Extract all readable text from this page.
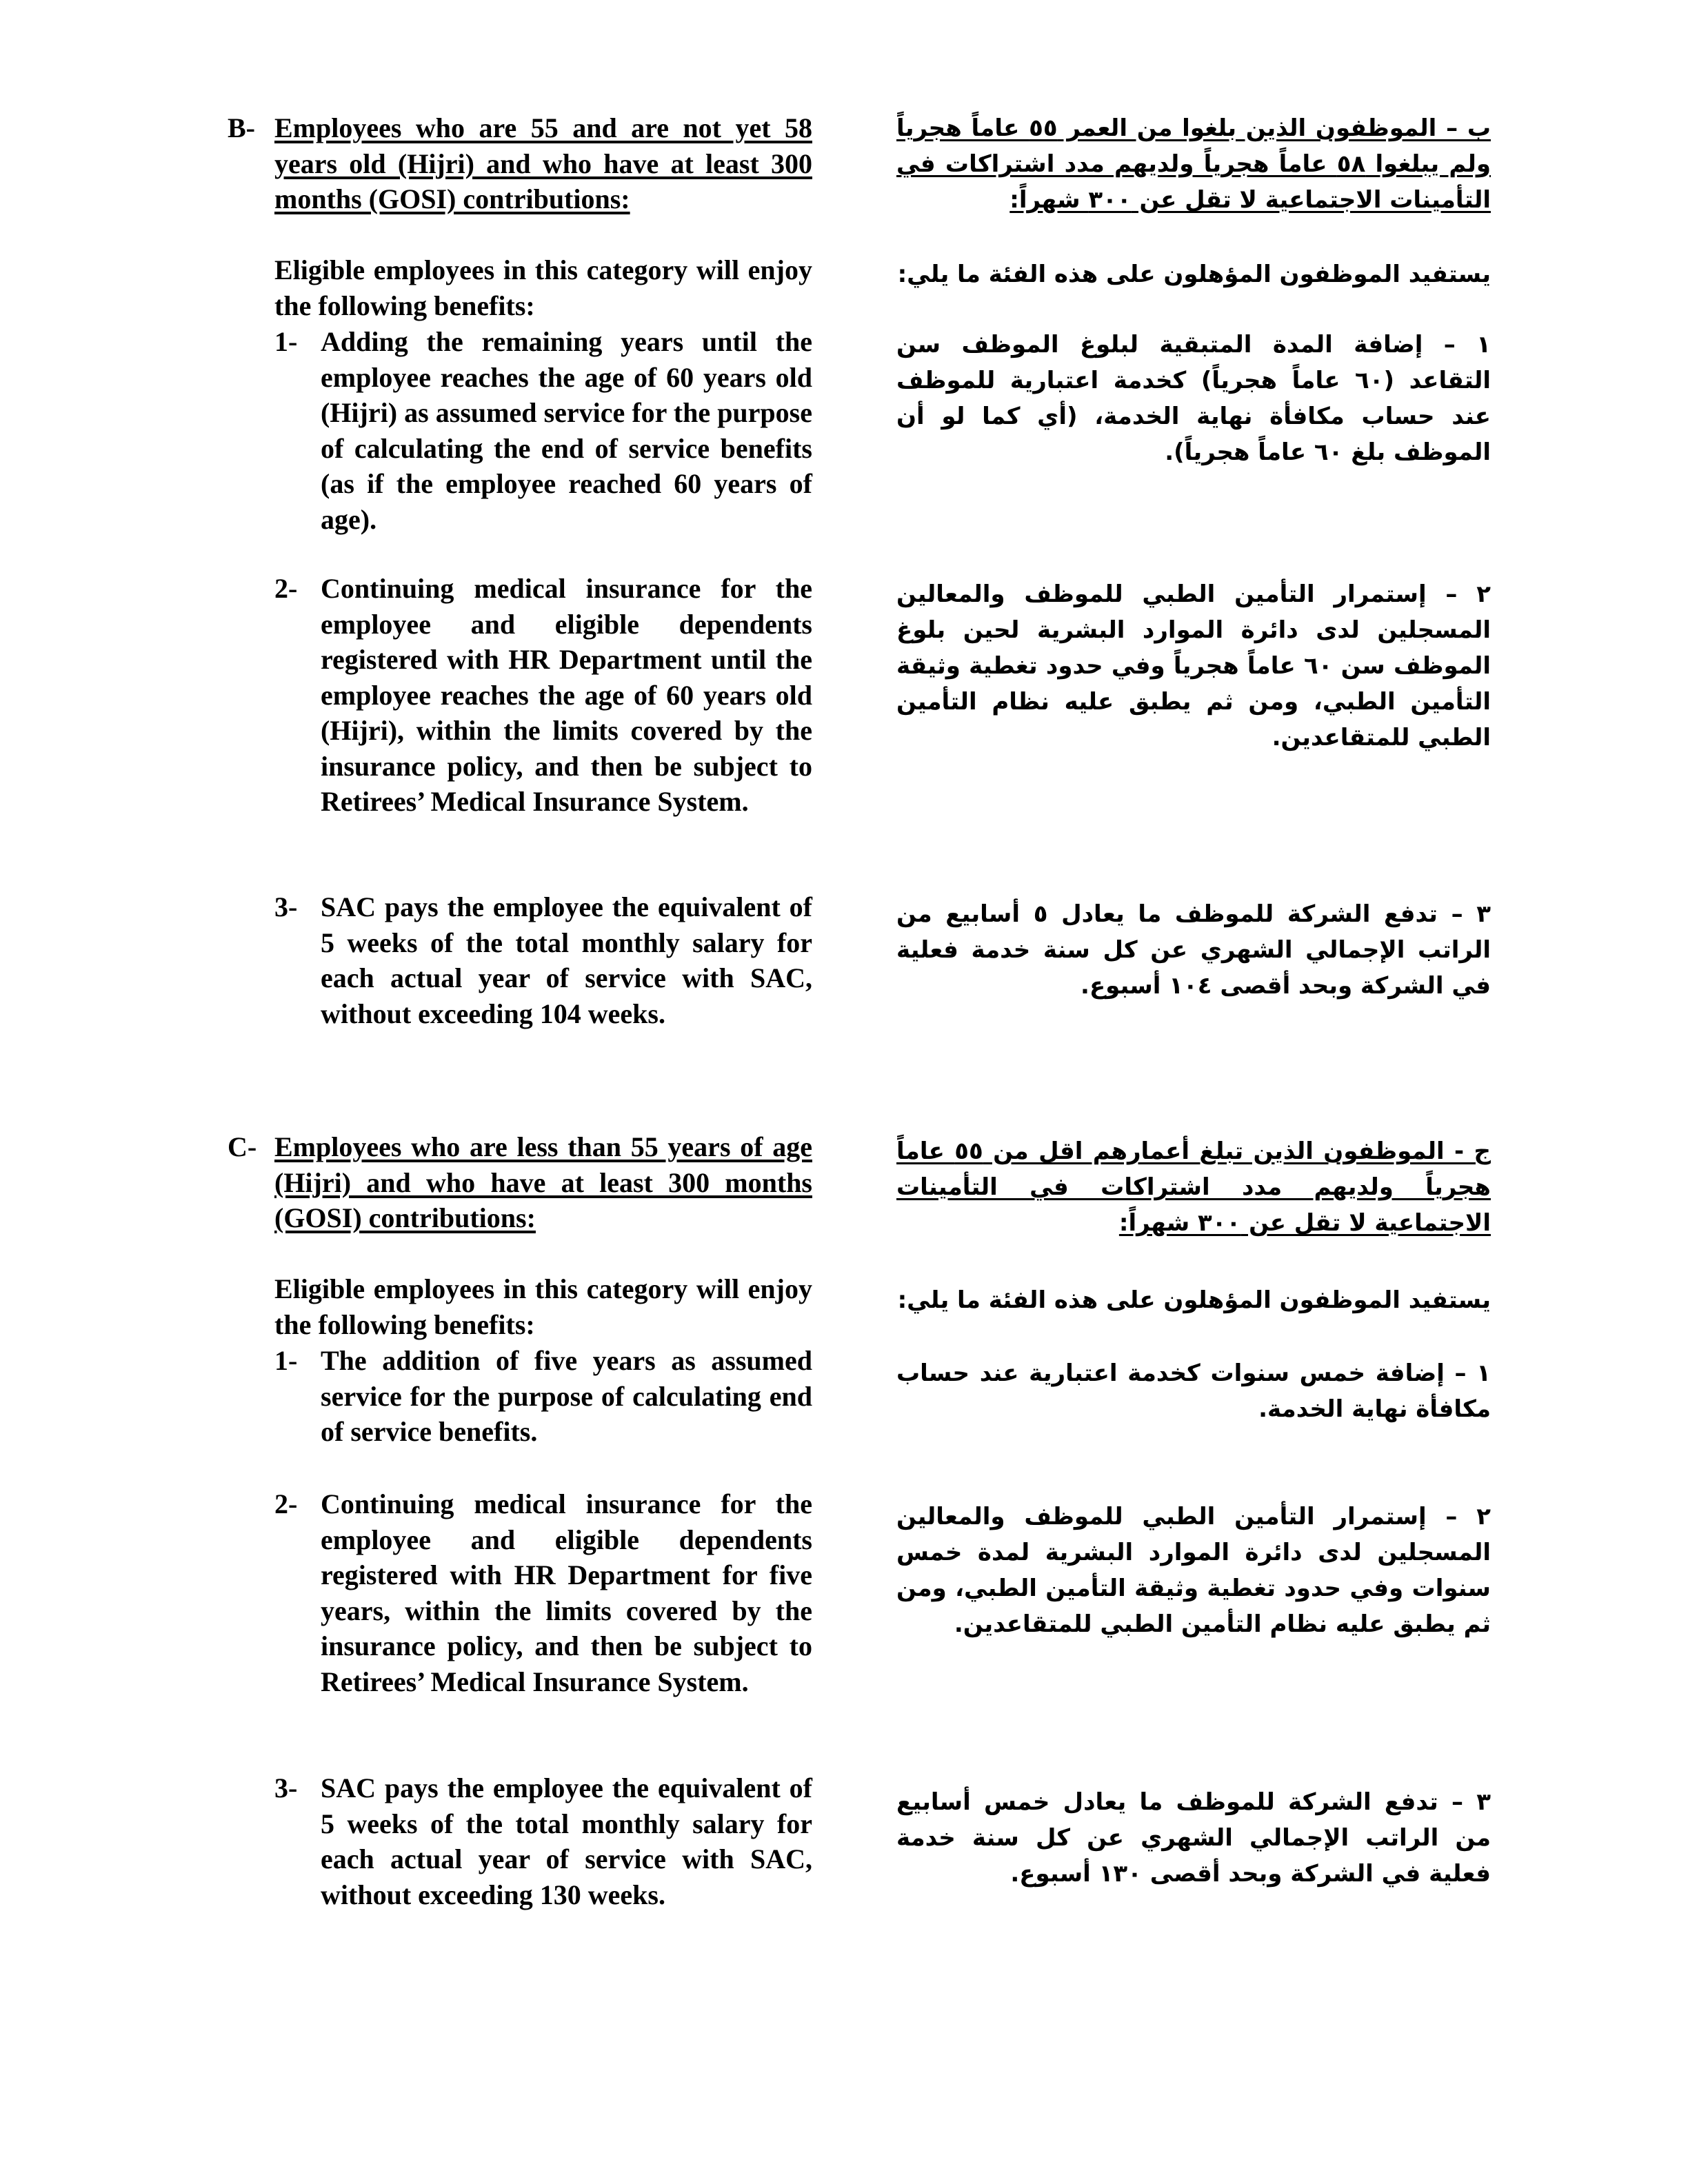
B- Employees who are 55 and are not yet 58 years old (Hijri) and who have at least 300 months (GOSI) contributions:

Eligible employees in this category will enjoy the following benefits:

1- Adding the remaining years until the employee reaches the age of 60 years old (Hijri) as assumed service for the purpose of calculating the end of service benefits (as if the employee reached 60 years of age).

2- Continuing medical insurance for the employee and eligible dependents registered with HR Department until the employee reaches the age of 60 years old (Hijri), within the limits covered by the insurance policy, and then be subject to Retirees’ Medical Insurance System.

3- SAC pays the employee the equivalent of 5 weeks of the total monthly salary for each actual year of service with SAC, without exceeding 104 weeks.

C- Employees who are less than 55 years of age (Hijri) and who have at least 300 months (GOSI) contributions:

Eligible employees in this category will enjoy the following benefits:

1- The addition of five years as assumed service for the purpose of calculating end of service benefits.

2- Continuing medical insurance for the employee and eligible dependents registered with HR Department for five years, within the limits covered by the insurance policy, and then be subject to Retirees’ Medical Insurance System.

3- SAC pays the employee the equivalent of 5 weeks of the total monthly salary for each actual year of service with SAC, without exceeding 130 weeks.

ب – الموظفون الذين بلغوا من العمر ٥٥ عاماً هجرياً ولم يبلغوا ٥٨ عاماً هجرياً ولديهم مدد اشتراكات في التأمينات الاجتماعية لا تقل عن ٣٠٠ شهراً:

يستفيد الموظفون المؤهلون على هذه الفئة ما يلي:

١ – إضافة المدة المتبقية لبلوغ الموظف سن التقاعد (٦٠ عاماً هجرياً) كخدمة اعتبارية للموظف عند حساب مكافأة نهاية الخدمة، (أي كما لو أن الموظف بلغ ٦٠ عاماً هجرياً).

٢ – إستمرار التأمين الطبي للموظف والمعالين المسجلين لدى دائرة الموارد البشرية لحين بلوغ الموظف سن ٦٠ عاماً هجرياً وفي حدود تغطية وثيقة التأمين الطبي، ومن ثم يطبق عليه نظام التأمين الطبي للمتقاعدين.

٣ – تدفع الشركة للموظف ما يعادل ٥ أسابيع من الراتب الإجمالي الشهري عن كل سنة خدمة فعلية في الشركة وبحد أقصى ١٠٤ أسبوع.

ج - الموظفون الذين تبلغ أعمارهم اقل من ٥٥ عاماً هجرياً ولديهم مدد اشتراكات في التأمينات الاجتماعية لا تقل عن ٣٠٠ شهراً:

يستفيد الموظفون المؤهلون على هذه الفئة ما يلي:

١ – إضافة خمس سنوات كخدمة اعتبارية عند حساب مكافأة نهاية الخدمة.

٢ – إستمرار التأمين الطبي للموظف والمعالين المسجلين لدى دائرة الموارد البشرية لمدة خمس سنوات وفي حدود تغطية وثيقة التأمين الطبي، ومن ثم يطبق عليه نظام التأمين الطبي للمتقاعدين.

٣ – تدفع الشركة للموظف ما يعادل خمس أسابيع من الراتب الإجمالي الشهري عن كل سنة خدمة فعلية في الشركة وبحد أقصى ١٣٠ أسبوع.
